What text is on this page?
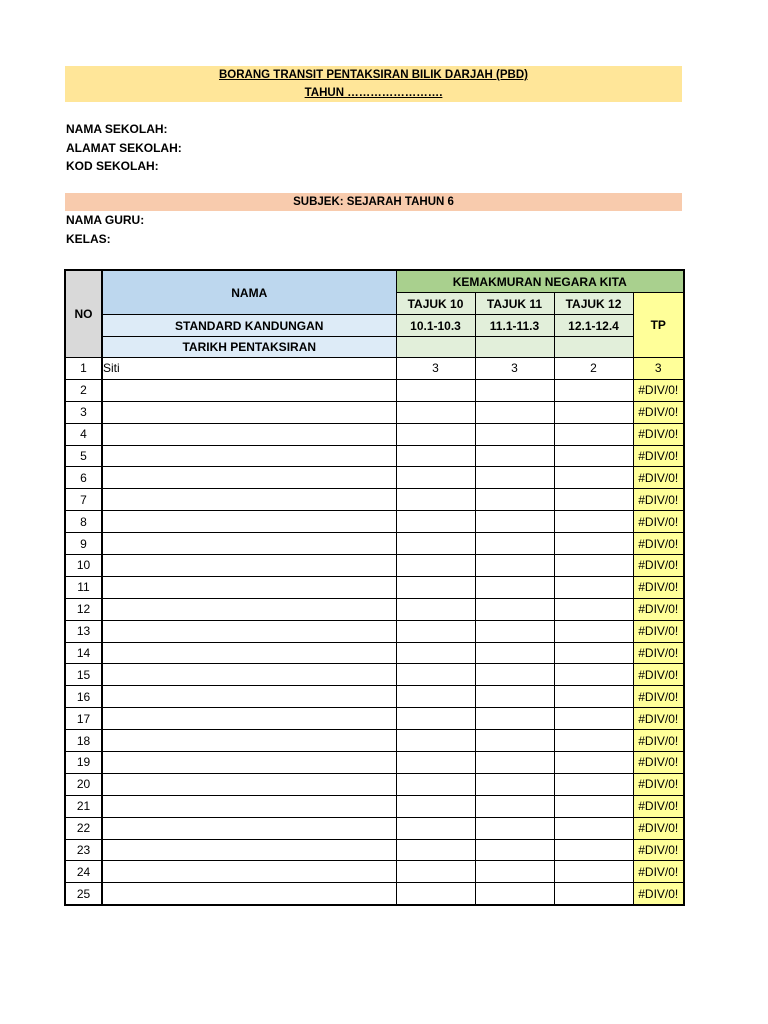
BORANG TRANSIT PENTAKSIRAN BILIK DARJAH (PBD)
TAHUN …………………….
NAMA SEKOLAH:
ALAMAT SEKOLAH:
KOD SEKOLAH:
SUBJEK: SEJARAH TAHUN 6
NAMA GURU:
KELAS:
NO	NAMA	KEMAKMURAN NEGARA KITA			
		TAJUK 10	TAJUK 11	TAJUK 12	TP
	STANDARD KANDUNGAN	10.1-10.3	11.1-11.3	12.1-12.4	
	TARIKH PENTAKSIRAN				
1	Siti	3	3	2	3
2					#DIV/0!
3					#DIV/0!
4					#DIV/0!
5					#DIV/0!
6					#DIV/0!
7					#DIV/0!
8					#DIV/0!
9					#DIV/0!
10					#DIV/0!
11					#DIV/0!
12					#DIV/0!
13					#DIV/0!
14					#DIV/0!
15					#DIV/0!
16					#DIV/0!
17					#DIV/0!
18					#DIV/0!
19					#DIV/0!
20					#DIV/0!
21					#DIV/0!
22					#DIV/0!
23					#DIV/0!
24					#DIV/0!
25					#DIV/0!
